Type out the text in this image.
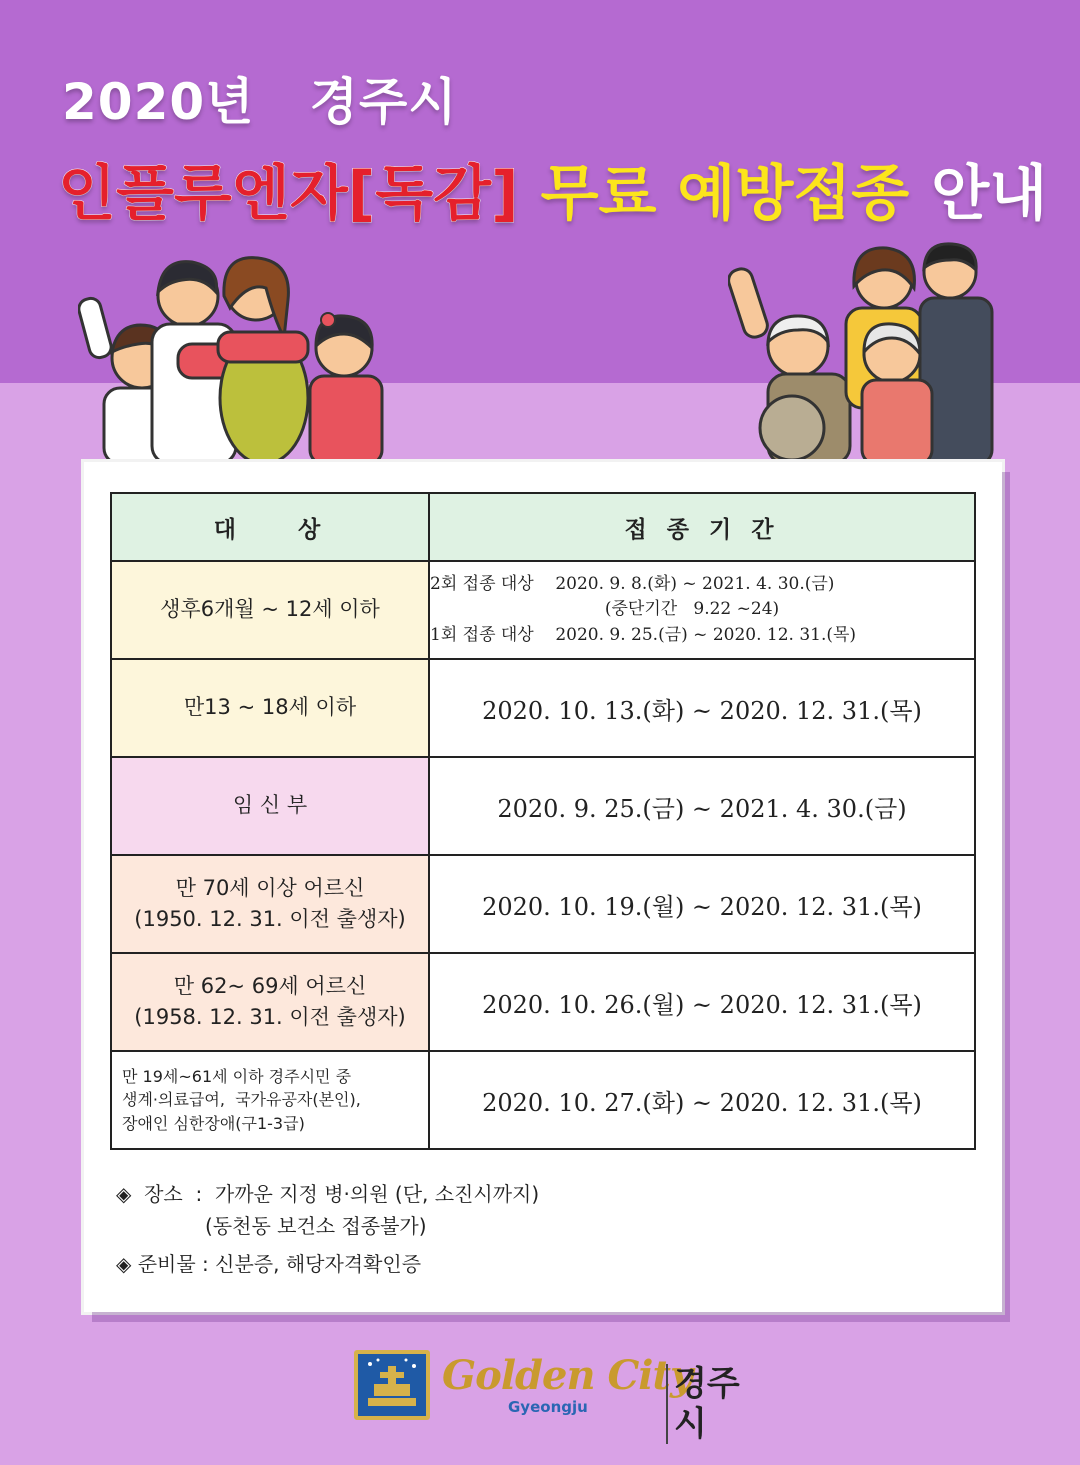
2020년   경주시
인플루엔자[독감] 무료 예방접종 안내
대    상	접 종 기 간
생후6개월 ~ 12세 이하	2회 접종 대상    2020. 9. 8.(화) ~ 2021. 4. 30.(금)
(중단기간   9.22 ~24)
1회 접종 대상    2020. 9. 25.(금) ~ 2020. 12. 31.(목)

만13 ~ 18세 이하	2020. 10. 13.(화) ~ 2020. 12. 31.(목)
임 신 부	2020. 9. 25.(금) ~ 2021. 4. 30.(금)

만 70세 이상 어르신
(1950. 12. 31. 이전 출생자)	2020. 10. 19.(월) ~ 2020. 12. 31.(목)

만 62~ 69세 어르신
(1958. 12. 31. 이전 출생자)	2020. 10. 26.(월) ~ 2020. 12. 31.(목)

만 19세~61세 이하 경주시민 중
생계·의료급여,  국가유공자(본인),
장애인 심한장애(구1-3급)	2020. 10. 27.(화) ~ 2020. 12. 31.(목)
◈  장소  :  가까운 지정 병·의원 (단, 소진시까지)
(동천동 보건소 접종불가)
◈ 준비물 : 신분증, 해당자격확인증
Golden City
Gyeongju
경주시
